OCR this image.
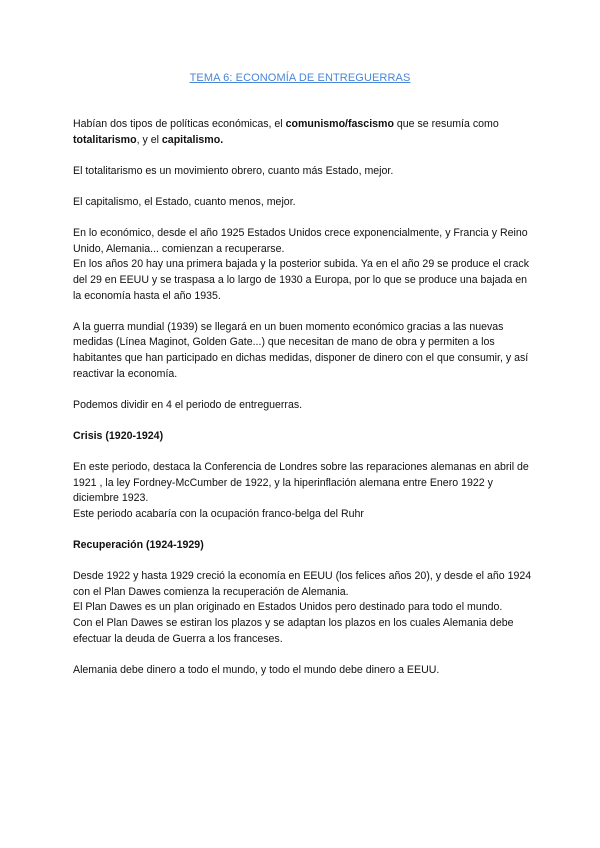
TEMA 6: ECONOMÍA DE ENTREGUERRAS

Habían dos tipos de políticas económicas, el comunismo/fascismo que se resumía como totalitarismo, y el capitalismo.

El totalitarismo es un movimiento obrero, cuanto más Estado, mejor.

El capitalismo, el Estado, cuanto menos, mejor.

En lo económico, desde el año 1925 Estados Unidos crece exponencialmente, y Francia y Reino Unido, Alemania... comienzan a recuperarse.
En los años 20 hay una primera bajada y la posterior subida. Ya en el año 29 se produce el crack del 29 en EEUU y se traspasa a lo largo de 1930 a Europa, por lo que se produce una bajada en la economía hasta el año 1935.

A la guerra mundial (1939) se llegará en un buen momento económico gracias a las nuevas medidas (Línea Maginot, Golden Gate...) que necesitan de mano de obra y permiten a los habitantes que han participado en dichas medidas, disponer de dinero con el que consumir, y así reactivar la economía.

Podemos dividir en 4 el periodo de entreguerras.

Crisis (1920-1924)

En este periodo, destaca la Conferencia de Londres sobre las reparaciones alemanas en abril de 1921 , la ley Fordney-McCumber de 1922, y la hiperinflación alemana entre Enero 1922 y diciembre 1923.
Este periodo acabaría con la ocupación franco-belga del Ruhr

Recuperación (1924-1929)

Desde 1922 y hasta 1929 creció la economía en EEUU (los felices años 20), y desde el año 1924 con el Plan Dawes comienza la recuperación de Alemania.
El Plan Dawes es un plan originado en Estados Unidos pero destinado para todo el mundo.
Con el Plan Dawes se estiran los plazos y se adaptan los plazos en los cuales Alemania debe efectuar la deuda de Guerra a los franceses.

Alemania debe dinero a todo el mundo, y todo el mundo debe dinero a EEUU.
